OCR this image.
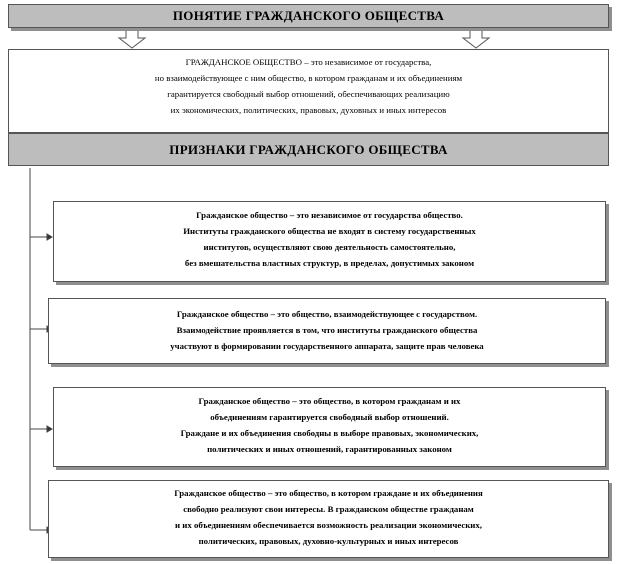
ПОНЯТИЕ ГРАЖДАНСКОГО ОБЩЕСТВА
ГРАЖДАНСКОЕ ОБЩЕСТВО – это независимое от государства,
но взаимодействующее с ним общество, в котором гражданам и их объединениям
гарантируется свободный выбор отношений, обеспечивающих реализацию
их экономических, политических, правовых, духовных и иных интересов
ПРИЗНАКИ ГРАЖДАНСКОГО ОБЩЕСТВА
Гражданское общество – это независимое от государства общество.
Институты гражданского общества не входят в систему государственных
институтов, осуществляют свою деятельность самостоятельно,
без вмешательства властных структур, в пределах, допустимых законом
Гражданское общество – это общество, взаимодействующее с государством.
Взаимодействие проявляется в том, что институты гражданского общества
участвуют в формировании государственного аппарата, защите прав человека
Гражданское общество – это общество, в котором гражданам и их
объединениям гарантируется свободный выбор отношений.
Граждане и их объединения свободны в выборе правовых, экономических,
политических и иных отношений, гарантированных законом
Гражданское общество – это общество, в котором граждане и их объединения
свободно реализуют свои интересы. В гражданском обществе гражданам
и их объединениям обеспечивается возможность реализации экономических,
политических, правовых, духовно-культурных и иных интересов
